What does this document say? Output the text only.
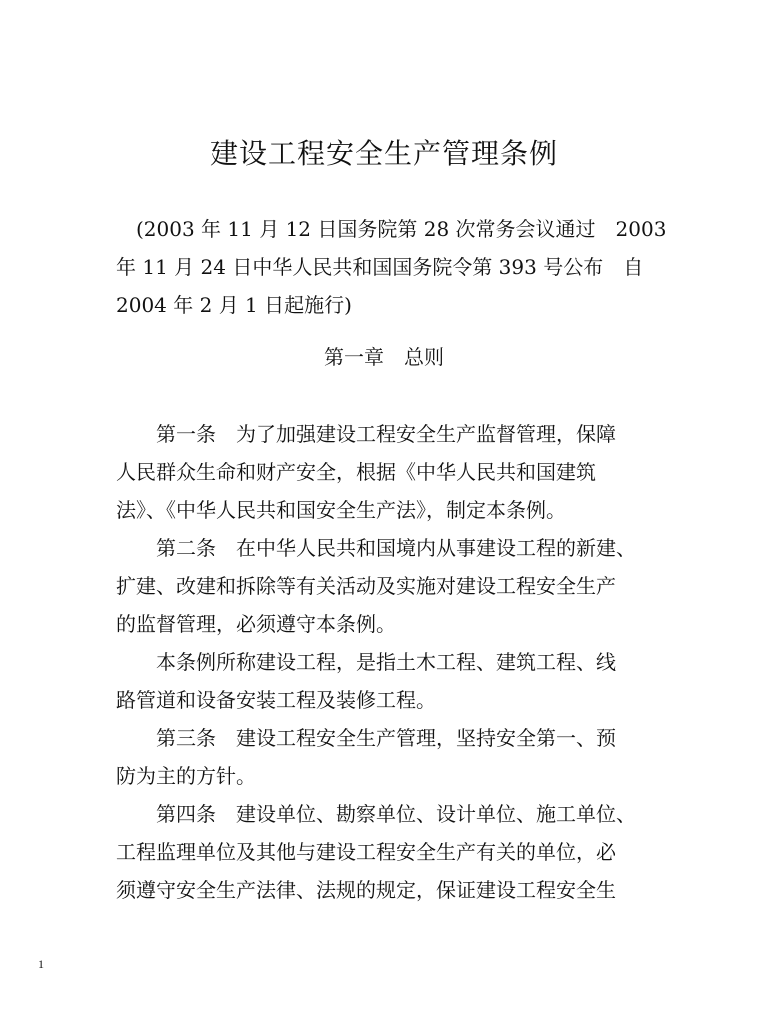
建设工程安全生产管理条例
　(2003 年 11 月 12 日国务院第 28 次常务会议通过　2003
年 11 月 24 日中华人民共和国国务院令第 393 号公布　自
2004 年 2 月 1 日起施行)
第一章　总则
　　第一条　为了加强建设工程安全生产监督管理，保障
人民群众生命和财产安全，根据《中华人民共和国建筑
法》、《中华人民共和国安全生产法》，制定本条例。
　　第二条　在中华人民共和国境内从事建设工程的新建、
扩建、改建和拆除等有关活动及实施对建设工程安全生产
的监督管理，必须遵守本条例。
　　本条例所称建设工程，是指土木工程、建筑工程、线
路管道和设备安装工程及装修工程。
　　第三条　建设工程安全生产管理，坚持安全第一、预
防为主的方针。
　　第四条　建设单位、勘察单位、设计单位、施工单位、
工程监理单位及其他与建设工程安全生产有关的单位，必
须遵守安全生产法律、法规的规定，保证建设工程安全生
1
